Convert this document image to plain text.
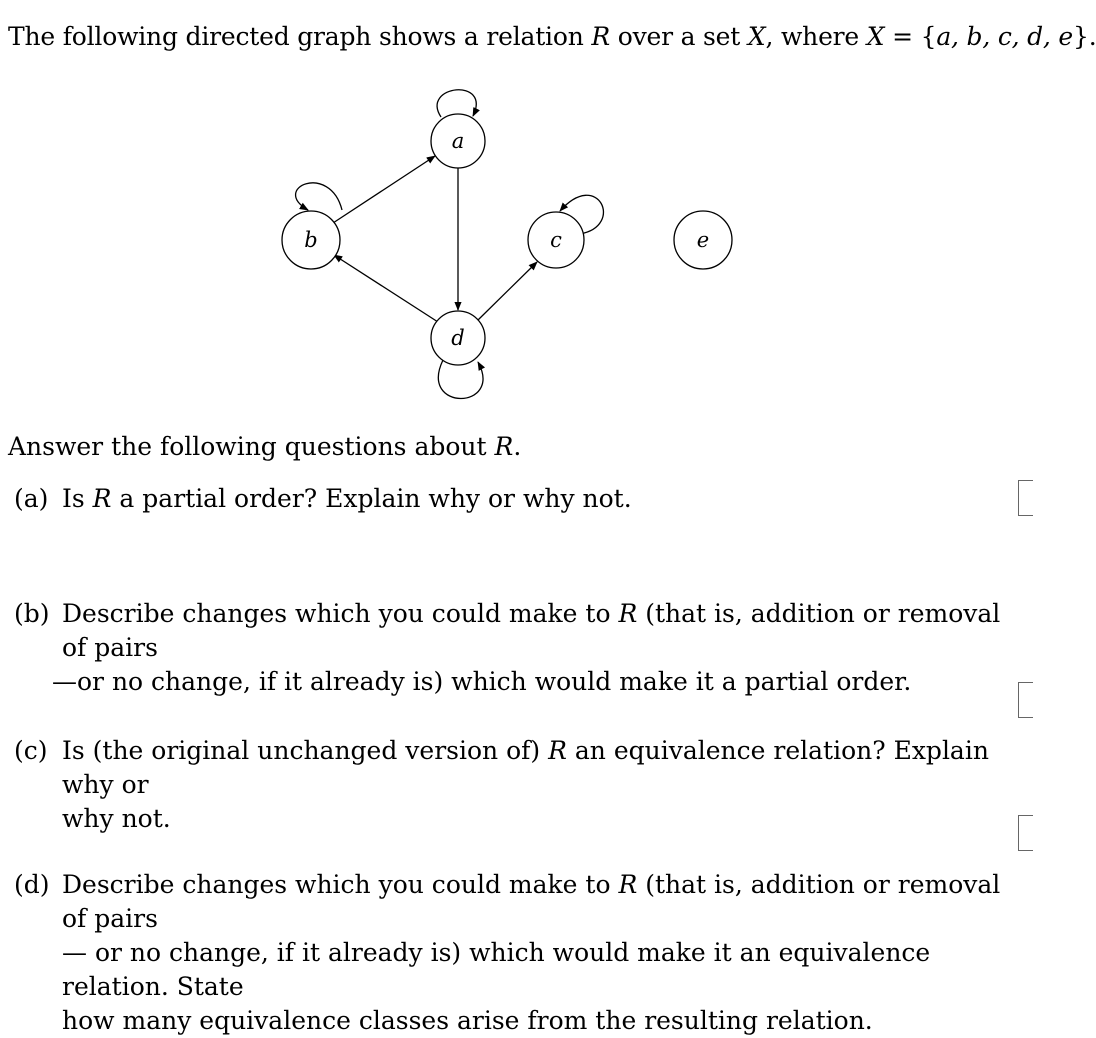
The following directed graph shows a relation R over a set X, where X = {a, b, c, d, e}.
a
b	c
d
e
Answer the following questions about R.
(a) Is R a partial order? Explain why or why not.
(b) Describe changes which you could make to R (that is, addition or removal of pairs
—or no change, if it already is) which would make it a partial order.
(c) Is (the original unchanged version of) R an equivalence relation? Explain why or
why not.
(d) Describe changes which you could make to R (that is, addition or removal of pairs
— or no change, if it already is) which would make it an equivalence relation. State
how many equivalence classes arise from the resulting relation.
